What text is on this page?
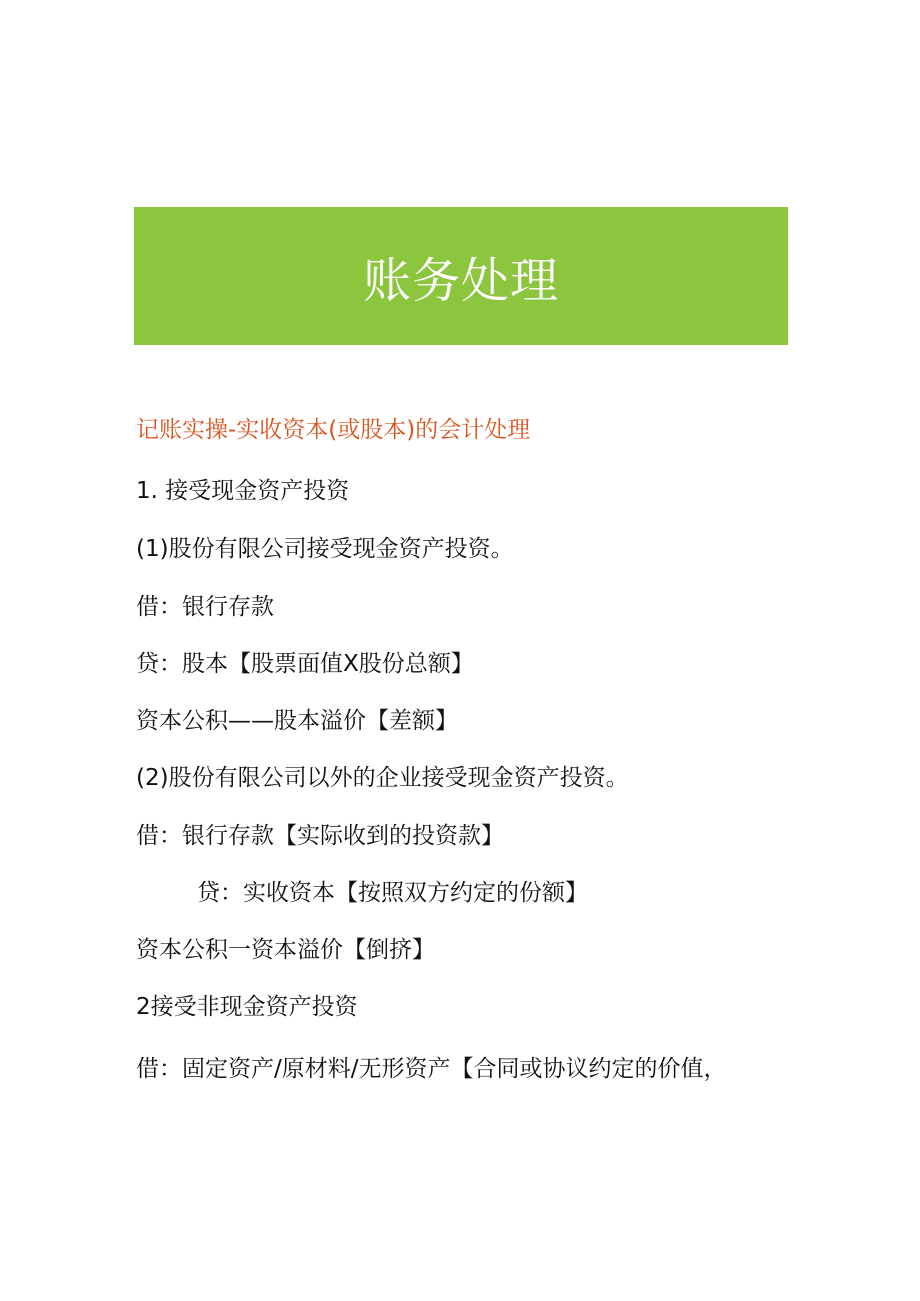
账务处理
记账实操-实收资本(或股本)的会计处理
1. 接受现金资产投资
(1)股份有限公司接受现金资产投资。
借：银行存款
贷：股本【股票面值X股份总额】
资本公积——股本溢价【差额】
(2)股份有限公司以外的企业接受现金资产投资。
借：银行存款【实际收到的投资款】
贷：实收资本【按照双方约定的份额】
资本公积一资本溢价【倒挤】
2接受非现金资产投资
借：固定资产/原材料/无形资产【合同或协议约定的价值，
